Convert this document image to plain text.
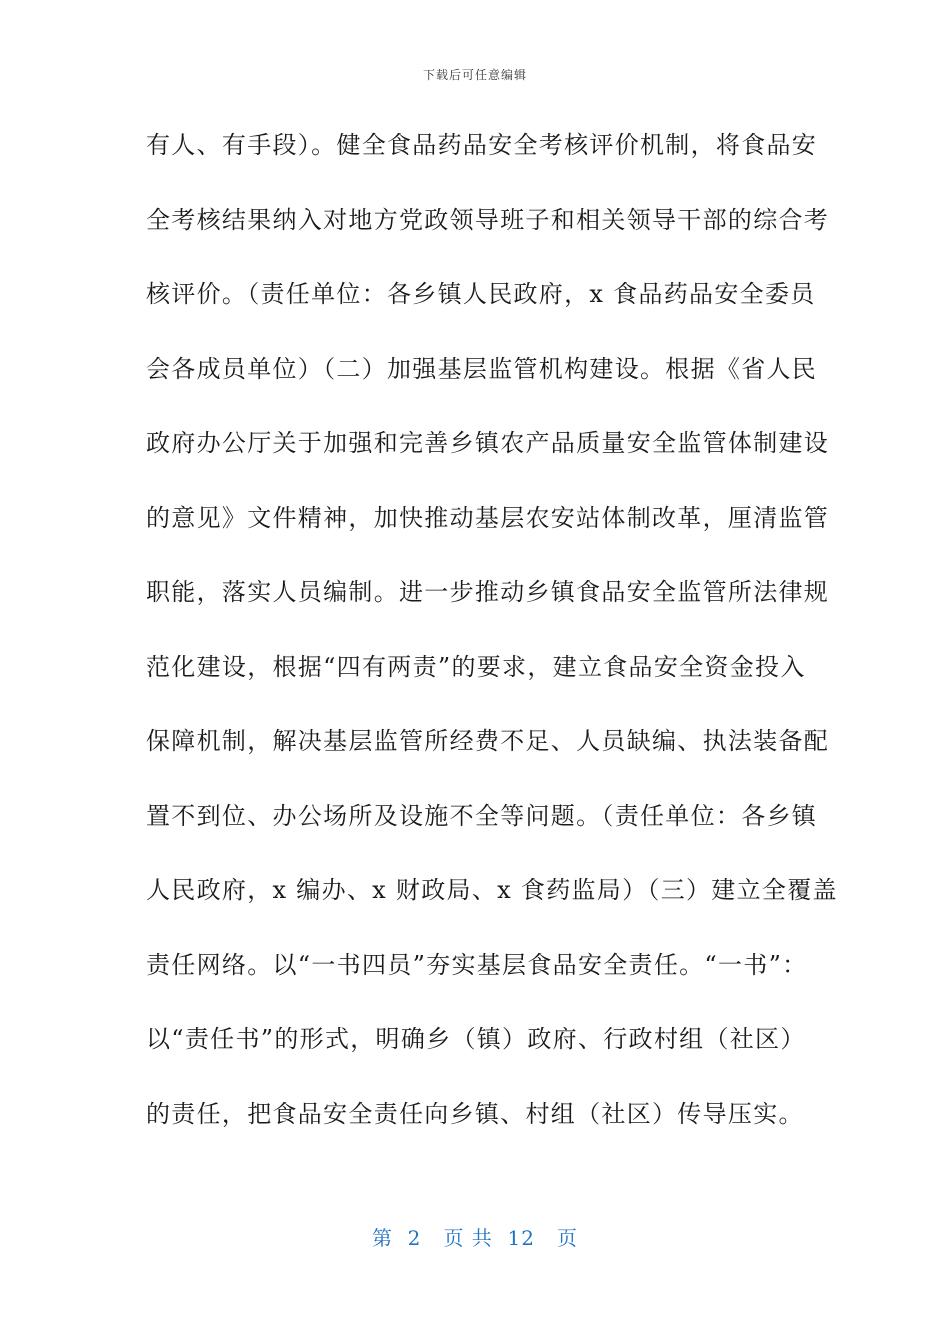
下载后可任意编辑
有人、有手段）。健全食品药品安全考核评价机制，将食品安
全考核结果纳入对地方党政领导班子和相关领导干部的综合考
核评价。（责任单位：各乡镇人民政府，x 食品药品安全委员
会各成员单位）（二）加强基层监管机构建设。根据《省人民
政府办公厅关于加强和完善乡镇农产品质量安全监管体制建设
的意见》文件精神，加快推动基层农安站体制改革，厘清监管
职能，落实人员编制。进一步推动乡镇食品安全监管所法律规
范化建设，根据“四有两责”的要求，建立食品安全资金投入
保障机制，解决基层监管所经费不足、人员缺编、执法装备配
置不到位、办公场所及设施不全等问题。（责任单位：各乡镇
人民政府，x 编办、x 财政局、x 食药监局）（三）建立全覆盖
责任网络。以“一书四员”夯实基层食品安全责任。“一书”：
以“责任书”的形式，明确乡（镇）政府、行政村组（社区）
的责任，把食品安全责任向乡镇、村组（社区）传导压实。
第  2   页 共  12   页
